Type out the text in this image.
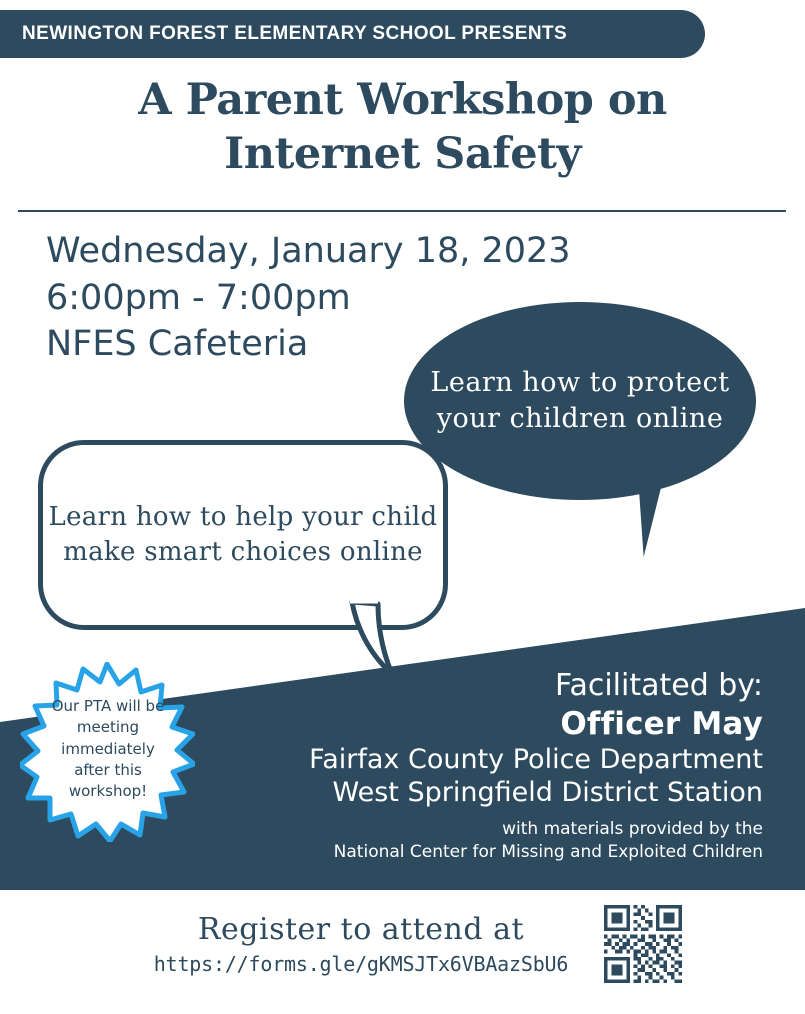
NEWINGTON FOREST ELEMENTARY SCHOOL PRESENTS
A Parent Workshop on
Internet Safety
Wednesday, January 18, 2023
6:00pm - 7:00pm
NFES Cafeteria
Learn how to protect your children online
Learn how to help your child make smart choices online
Our PTA will be meeting immediately after this workshop!
Facilitated by:
Officer May
Fairfax County Police Department
West Springfield District Station
with materials provided by the
National Center for Missing and Exploited Children
Register to attend at
https://forms.gle/gKMSJTx6VBAazSbU6
